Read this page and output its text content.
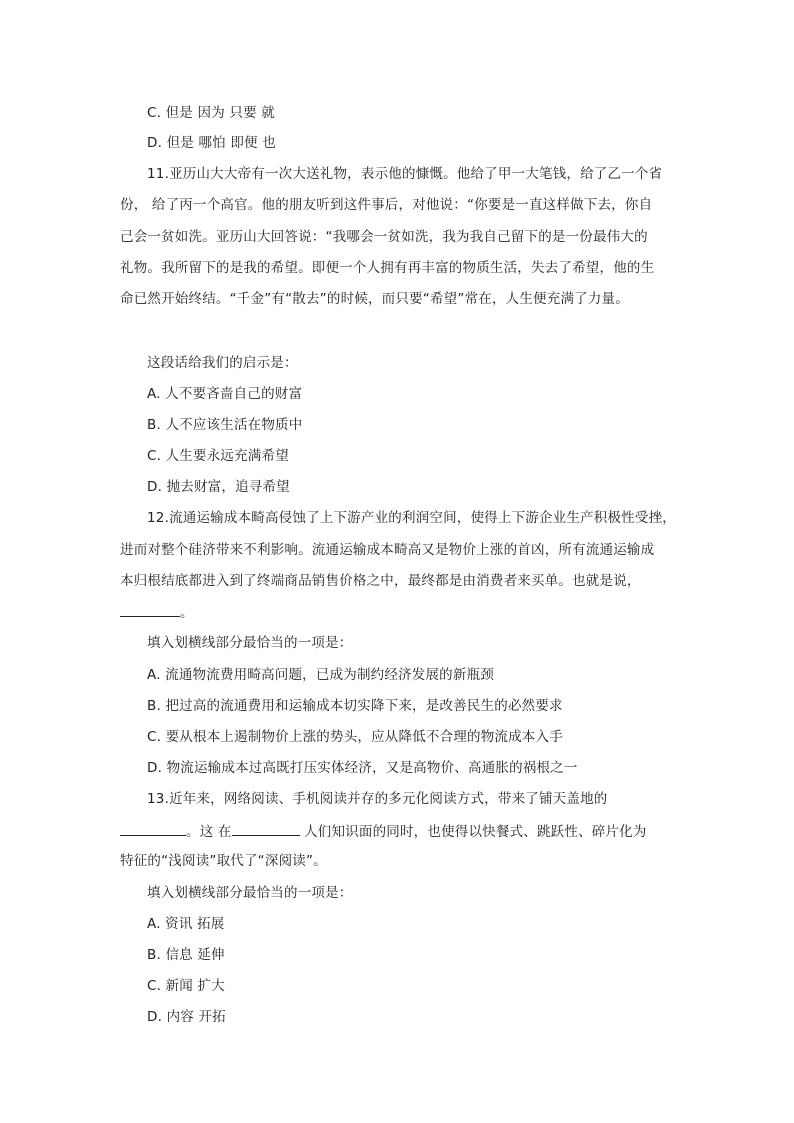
C. 但是 因为 只要 就
D. 但是 哪怕 即便 也
11.亚历山大大帝有一次大送礼物，表示他的慷慨。他给了甲一大笔钱，给了乙一个省
份， 给了丙一个高官。他的朋友听到这件事后，对他说：“你要是一直这样做下去，你自
己会一贫如洗。亚历山大回答说：“我哪会一贫如洗，我为我自己留下的是一份最伟大的
礼物。我所留下的是我的希望。即便一个人拥有再丰富的物质生活，失去了希望，他的生
命已然开始终结。“千金”有“散去”的时候，而只要“希望”常在，人生便充满了力量。
这段话给我们的启示是：
A. 人不要吝啬自己的财富
B. 人不应该生活在物质中
C. 人生要永远充满希望
D. 抛去财富，追寻希望
12.流通运输成本畸高侵蚀了上下游产业的利润空间，使得上下游企业生产积极性受挫，
进而对整个硅济带来不利影响。流通运输成本畸高又是物价上涨的首凶，所有流通运输成
本归根结底都进入到了终端商品销售价格之中，最终都是由消费者来买单。也就是说，
。
填入划横线部分最恰当的一项是：
A. 流通物流费用畸高问题，已成为制约经济发展的新瓶颈
B. 把过高的流通费用和运输成本切实降下来，是改善民生的必然要求
C. 要从根本上遏制物价上涨的势头，应从降低不合理的物流成本入手
D. 物流运输成本过高既打压实体经济，又是高物价、高通胀的祸根之一
13.近年来，网络阅读、手机阅读并存的多元化阅读方式，带来了铺天盖地的
。这 在	人们知识面的同时，也使得以快餐式、跳跃性、碎片化为
特征的“浅阅读”取代了“深阅读”。
填入划横线部分最恰当的一项是：
A. 资讯 拓展
B. 信息 延伸
C. 新闻 扩大
D. 内容 开拓
